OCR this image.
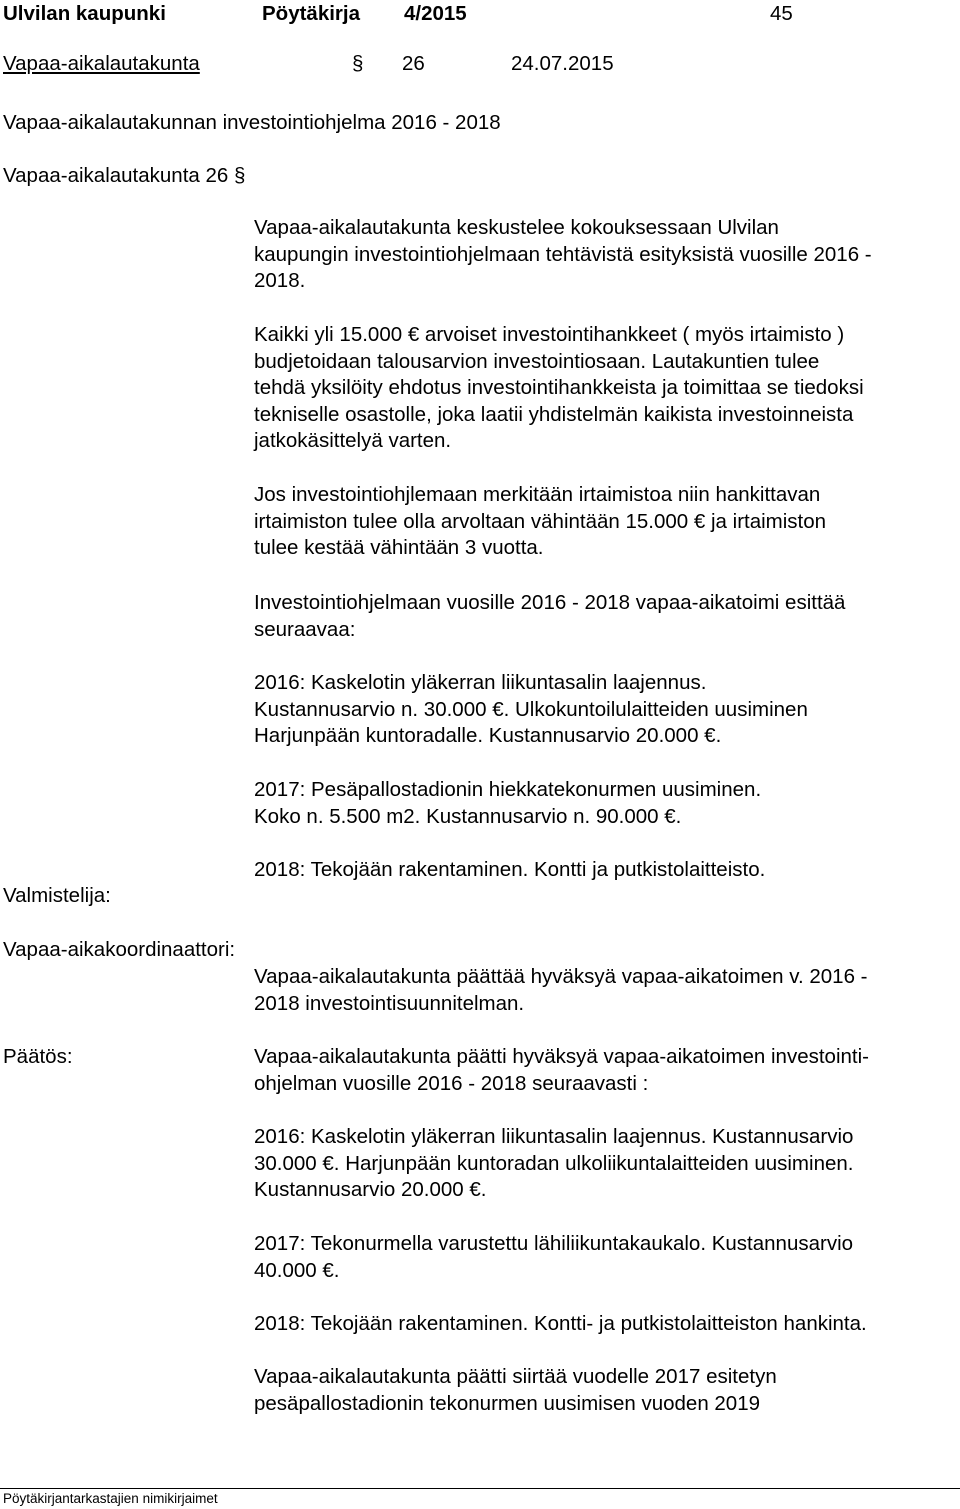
Ulvilan kaupunki	Pöytäkirja 4/2015	45
Vapaa-aikalautakunta	§ 26	24.07.2015
Vapaa-aikalautakunnan investointiohjelma 2016 - 2018
Vapaa-aikalautakunta 26 §
Vapaa-aikalautakunta keskustelee kokouksessaan Ulvilan
kaupungin investointiohjelmaan tehtävistä esityksistä vuosille 2016 -
2018.
Kaikki yli 15.000 € arvoiset investointihankkeet ( myös irtaimisto )
budjetoidaan talousarvion investointiosaan. Lautakuntien tulee
tehdä yksilöity ehdotus investointihankkeista ja toimittaa se tiedoksi
tekniselle osastolle, joka laatii yhdistelmän kaikista investoinneista
jatkokäsittelyä varten.
Jos investointiohjlemaan merkitään irtaimistoa niin hankittavan
irtaimiston tulee olla arvoltaan vähintään 15.000 € ja irtaimiston
tulee kestää vähintään 3 vuotta.
Investointiohjelmaan vuosille 2016 - 2018 vapaa-aikatoimi esittää
seuraavaa:
2016: Kaskelotin yläkerran liikuntasalin laajennus.
Kustannusarvio n. 30.000 €. Ulkokuntoilulaitteiden uusiminen
Harjunpään kuntoradalle. Kustannusarvio 20.000 €.
2017: Pesäpallostadionin hiekkatekonurmen uusiminen.
Koko n. 5.500 m2. Kustannusarvio n. 90.000 €.
2018: Tekojään rakentaminen. Kontti ja putkistolaitteisto.
Valmistelija:
Vapaa-aikakoordinaattori:
Vapaa-aikalautakunta päättää hyväksyä vapaa-aikatoimen v. 2016 -
2018 investointisuunnitelman.
Päätös:	Vapaa-aikalautakunta päätti hyväksyä vapaa-aikatoimen investointi-
ohjelman vuosille 2016 - 2018 seuraavasti :
2016: Kaskelotin yläkerran liikuntasalin laajennus. Kustannusarvio
30.000 €. Harjunpään kuntoradan ulkoliikuntalaitteiden uusiminen.
Kustannusarvio 20.000 €.
2017: Tekonurmella varustettu lähiliikuntakaukalo. Kustannusarvio
40.000 €.
2018: Tekojään rakentaminen. Kontti- ja putkistolaitteiston hankinta.
Vapaa-aikalautakunta päätti siirtää vuodelle 2017 esitetyn
pesäpallostadionin tekonurmen uusimisen vuoden 2019
Pöytäkirjantarkastajien nimikirjaimet
